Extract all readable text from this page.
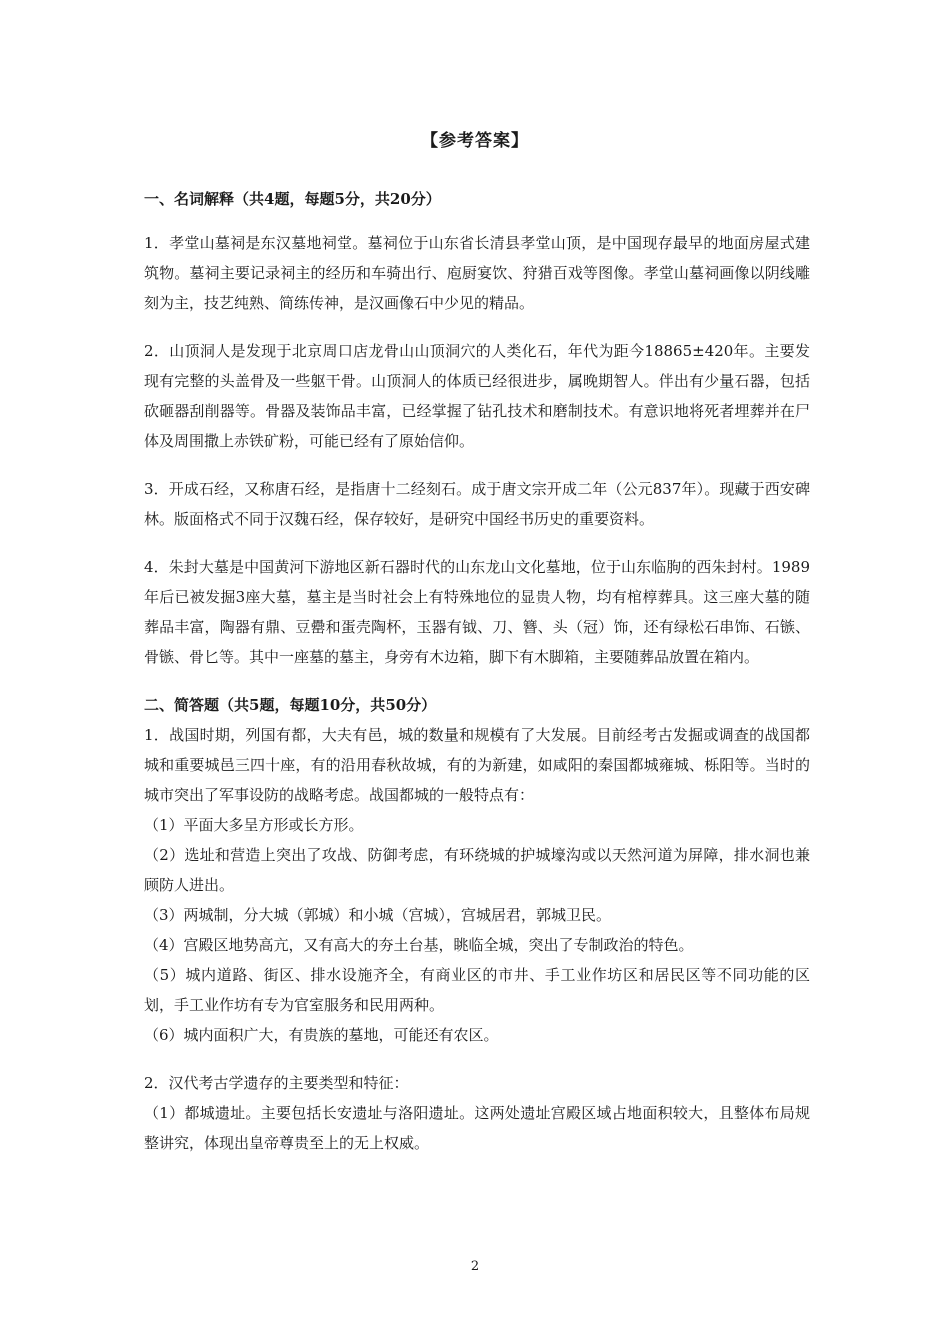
【参考答案】

一、名词解释（共4题，每题5分，共20分）

1．孝堂山墓祠是东汉墓地祠堂。墓祠位于山东省长清县孝堂山顶，是中国现存最早的地面房屋式建筑物。墓祠主要记录祠主的经历和车骑出行、庖厨宴饮、狩猎百戏等图像。孝堂山墓祠画像以阴线雕刻为主，技艺纯熟、简练传神，是汉画像石中少见的精品。

2．山顶洞人是发现于北京周口店龙骨山山顶洞穴的人类化石，年代为距今18865±420年。主要发现有完整的头盖骨及一些躯干骨。山顶洞人的体质已经很进步，属晚期智人。伴出有少量石器，包括砍砸器刮削器等。骨器及装饰品丰富，已经掌握了钻孔技术和磨制技术。有意识地将死者埋葬并在尸体及周围撒上赤铁矿粉，可能已经有了原始信仰。

3．开成石经，又称唐石经，是指唐十二经刻石。成于唐文宗开成二年（公元837年）。现藏于西安碑林。版面格式不同于汉魏石经，保存较好，是研究中国经书历史的重要资料。

4．朱封大墓是中国黄河下游地区新石器时代的山东龙山文化墓地，位于山东临朐的西朱封村。1989年后已被发掘3座大墓，墓主是当时社会上有特殊地位的显贵人物，均有棺椁葬具。这三座大墓的随葬品丰富，陶器有鼎、豆罍和蛋壳陶杯，玉器有钺、刀、簪、头（冠）饰，还有绿松石串饰、石镞、骨镞、骨匕等。其中一座墓的墓主，身旁有木边箱，脚下有木脚箱，主要随葬品放置在箱内。

二、简答题（共5题，每题10分，共50分）

1．战国时期，列国有都，大夫有邑，城的数量和规模有了大发展。目前经考古发掘或调查的战国都城和重要城邑三四十座，有的沿用春秋故城，有的为新建，如咸阳的秦国都城雍城、栎阳等。当时的城市突出了军事设防的战略考虑。战国都城的一般特点有：

（1）平面大多呈方形或长方形。

（2）选址和营造上突出了攻战、防御考虑，有环绕城的护城壕沟或以天然河道为屏障，排水洞也兼顾防人进出。

（3）两城制，分大城（郭城）和小城（宫城），宫城居君，郭城卫民。

（4）宫殿区地势高亢，又有高大的夯土台基，眺临全城，突出了专制政治的特色。

（5）城内道路、街区、排水设施齐全，有商业区的市井、手工业作坊区和居民区等不同功能的区划，手工业作坊有专为官室服务和民用两种。

（6）城内面积广大，有贵族的墓地，可能还有农区。

2．汉代考古学遗存的主要类型和特征：

（1）都城遗址。主要包括长安遗址与洛阳遗址。这两处遗址宫殿区域占地面积较大，且整体布局规整讲究，体现出皇帝尊贵至上的无上权威。

2
